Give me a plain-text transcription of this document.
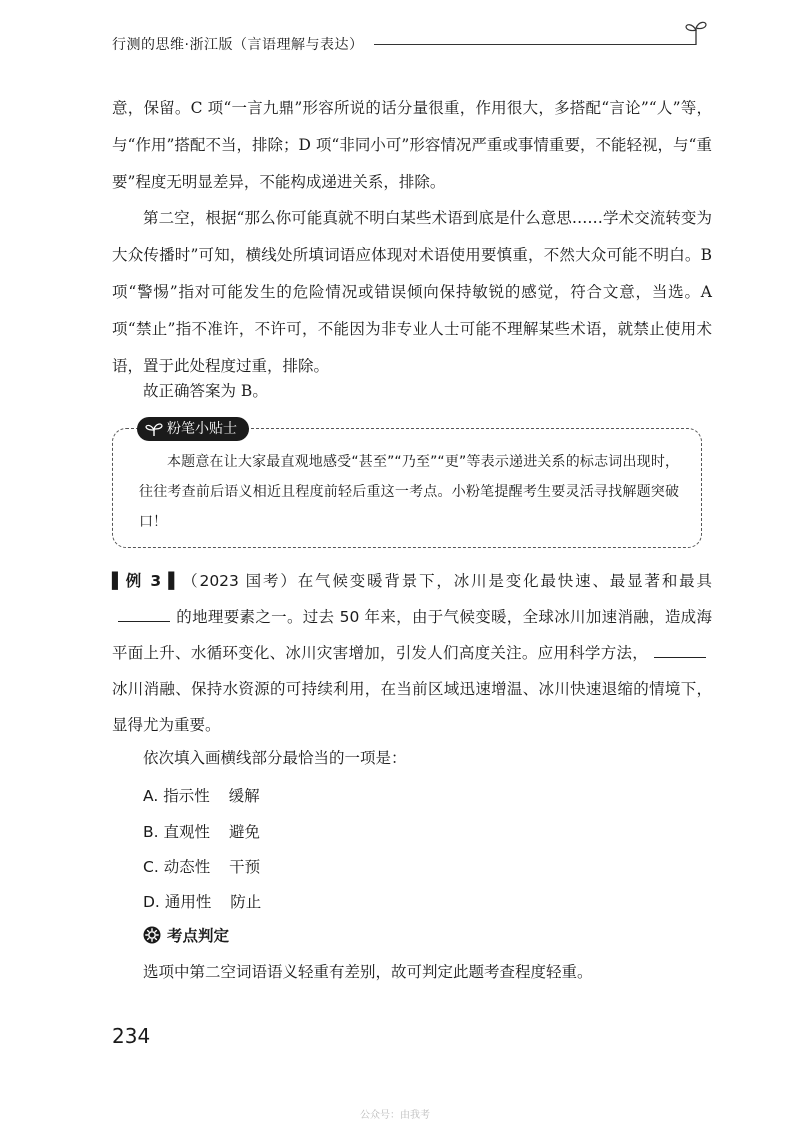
行测的思维·浙江版（言语理解与表达）

意，保留。C 项“一言九鼎”形容所说的话分量很重，作用很大，多搭配“言论”“人”等，与“作用”搭配不当，排除；D 项“非同小可”形容情况严重或事情重要，不能轻视，与“重要”程度无明显差异，不能构成递进关系，排除。

第二空，根据“那么你可能真就不明白某些术语到底是什么意思……学术交流转变为大众传播时”可知，横线处所填词语应体现对术语使用要慎重，不然大众可能不明白。B 项“警惕”指对可能发生的危险情况或错误倾向保持敏锐的感觉，符合文意，当选。A 项“禁止”指不准许，不许可，不能因为非专业人士可能不理解某些术语，就禁止使用术语，置于此处程度过重，排除。

故正确答案为 B。

粉笔小贴士

本题意在让大家最直观地感受“甚至”“乃至”“更”等表示递进关系的标志词出现时，往往考查前后语义相近且程度前轻后重这一考点。小粉笔提醒考生要灵活寻找解题突破口！

▌例 3 ▌（2023 国考）在气候变暖背景下，冰川是变化最快速、最显著和最具的地理要素之一。过去 50 年来，由于气候变暖，全球冰川加速消融，造成海平面上升、水循环变化、冰川灾害增加，引发人们高度关注。应用科学方法，冰川消融、保持水资源的可持续利用，在当前区域迅速增温、冰川快速退缩的情境下，显得尤为重要。

依次填入画横线部分最恰当的一项是：

A. 指示性 缓解
B. 直观性 避免
C. 动态性 干预
D. 通用性 防止
考点判定

选项中第二空词语语义轻重有差别，故可判定此题考查程度轻重。

234
公众号：由我考
